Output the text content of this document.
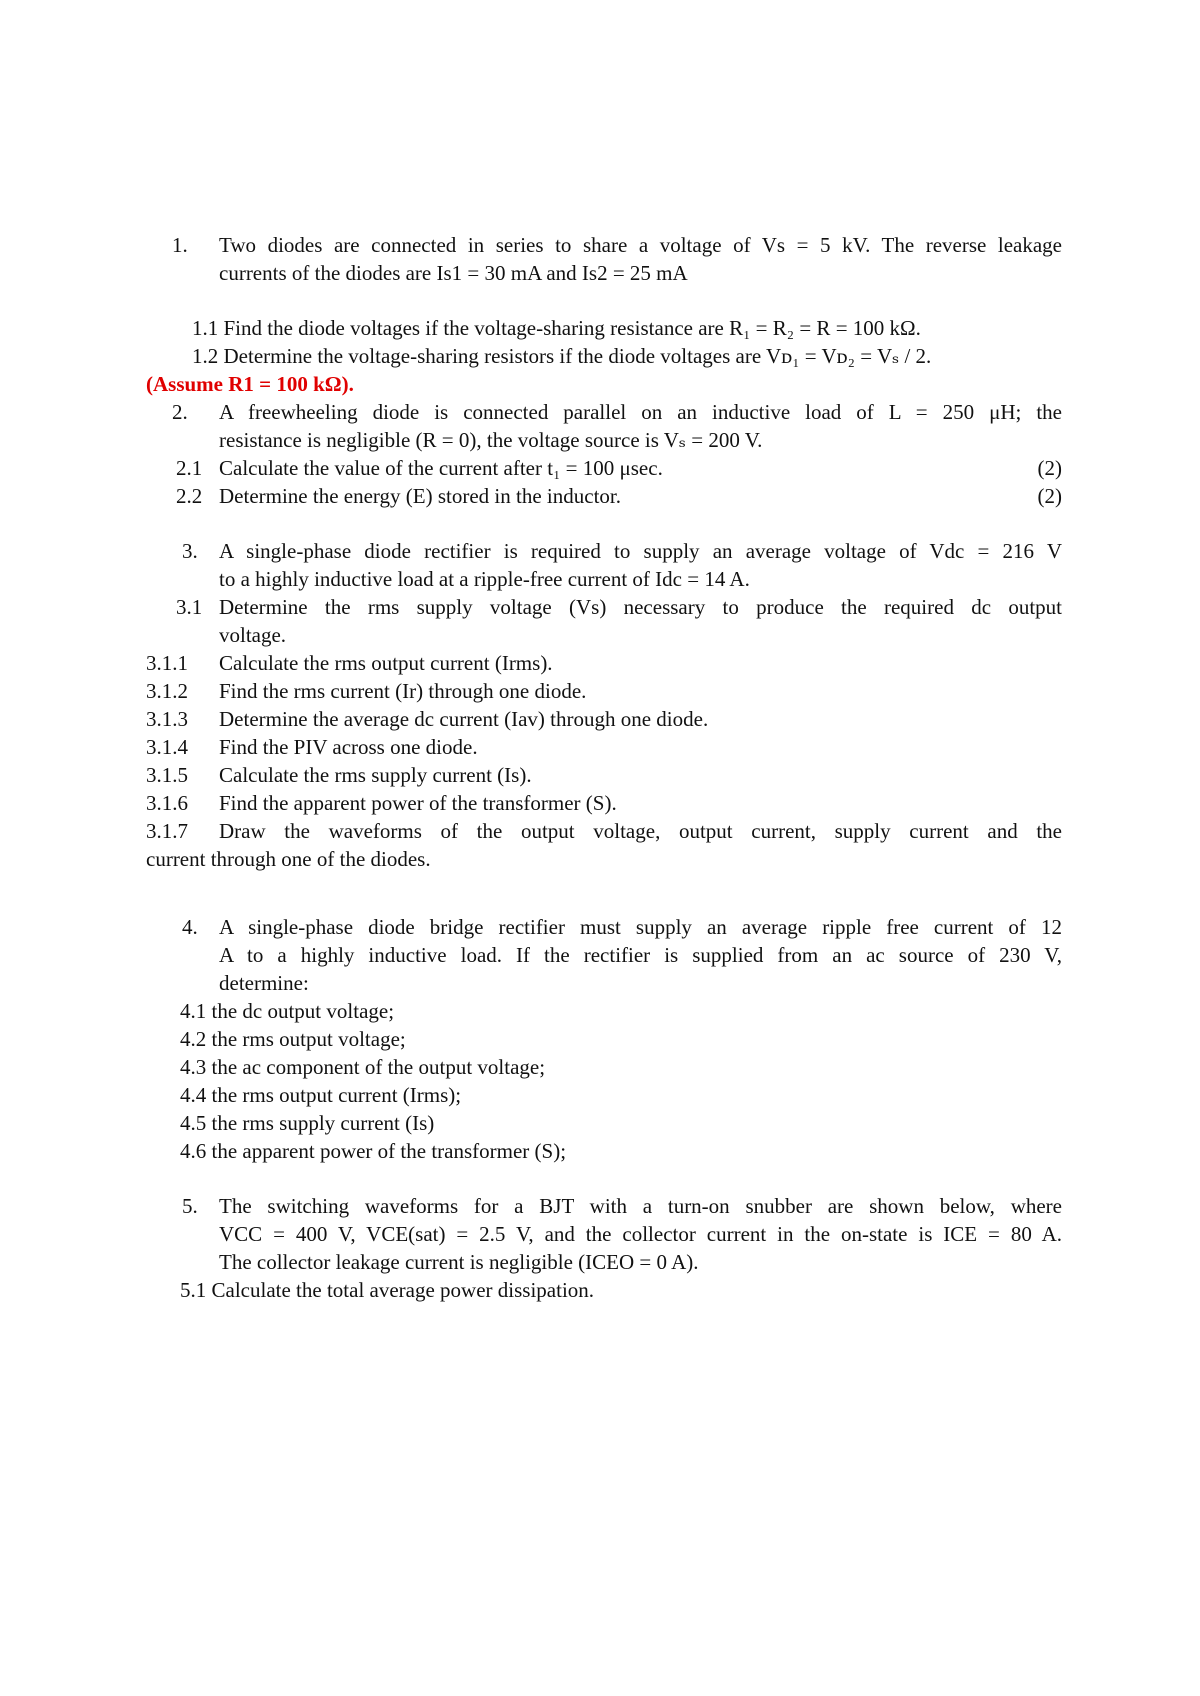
1. Two diodes are connected in series to share a voltage of Vs = 5 kV. The reverse leakage
currents of the diodes are Is1 = 30 mA and Is2 = 25 mA
1.1 Find the diode voltages if the voltage-sharing resistance are R₁ = R₂ = R = 100 kΩ.
1.2 Determine the voltage-sharing resistors if the diode voltages are Vᴅ₁ = Vᴅ₂ = Vₛ / 2.
(Assume R1 = 100 kΩ).
2. A freewheeling diode is connected parallel on an inductive load of L = 250 μH; the
resistance is negligible (R = 0), the voltage source is Vₛ = 200 V.
2.1 Calculate the value of the current after t₁ = 100 μsec.	(2)
2.2 Determine the energy (E) stored in the inductor.	(2)
3. A single-phase diode rectifier is required to supply an average voltage of Vdc = 216 V
to a highly inductive load at a ripple-free current of Idc = 14 A.
3.1 Determine the rms supply voltage (Vs) necessary to produce the required dc output
voltage.
3.1.1 Calculate the rms output current (Irms).
3.1.2 Find the rms current (Ir) through one diode.
3.1.3 Determine the average dc current (Iav) through one diode.
3.1.4 Find the PIV across one diode.
3.1.5 Calculate the rms supply current (Is).
3.1.6 Find the apparent power of the transformer (S).
3.1.7 Draw the waveforms of the output voltage, output current, supply current and the
current through one of the diodes.
4. A single-phase diode bridge rectifier must supply an average ripple free current of 12
A to a highly inductive load. If the rectifier is supplied from an ac source of 230 V,
determine:
4.1 the dc output voltage;
4.2 the rms output voltage;
4.3 the ac component of the output voltage;
4.4 the rms output current (Irms);
4.5 the rms supply current (Is)
4.6 the apparent power of the transformer (S);
5. The switching waveforms for a BJT with a turn-on snubber are shown below, where
VCC = 400 V, VCE(sat) = 2.5 V, and the collector current in the on-state is ICE = 80 A.
The collector leakage current is negligible (ICEO = 0 A).
5.1 Calculate the total average power dissipation.
